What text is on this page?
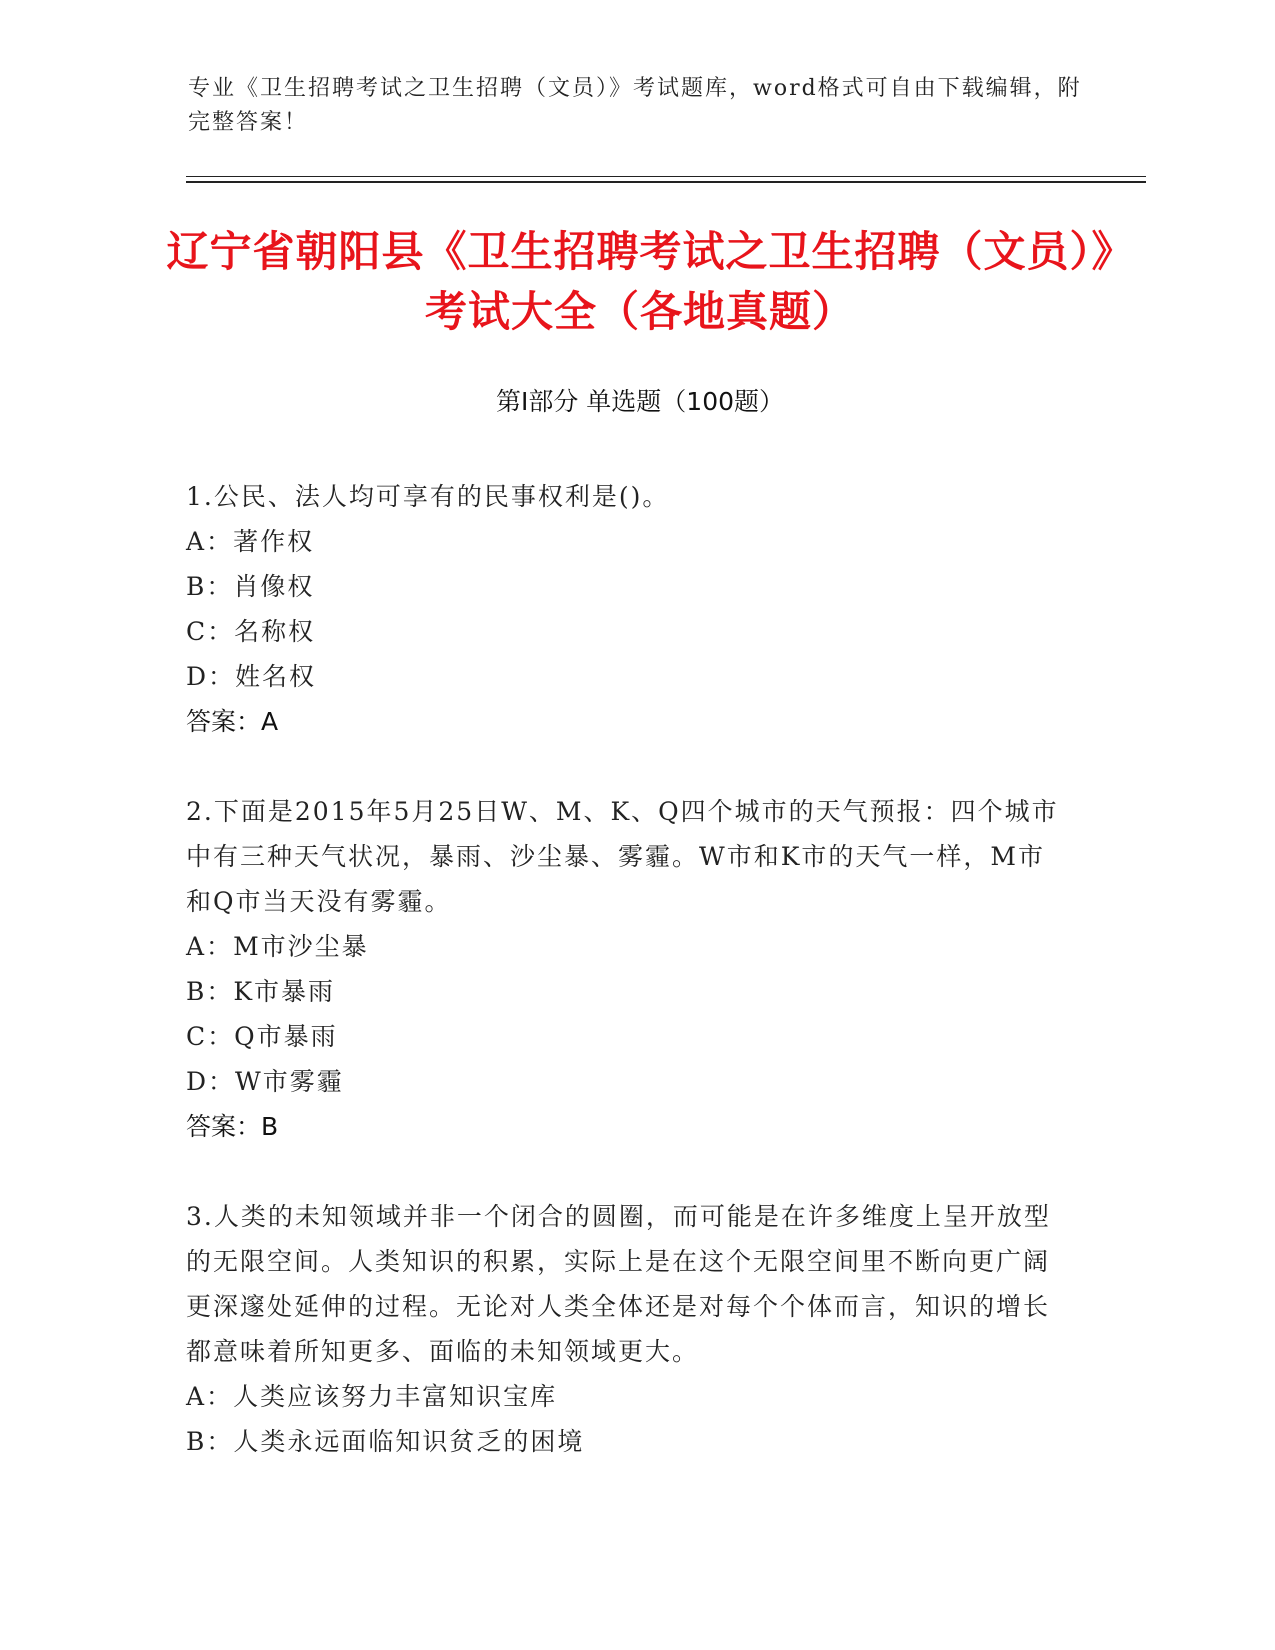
专业《卫生招聘考试之卫生招聘（文员）》考试题库，word格式可自由下载编辑，附完整答案！
辽宁省朝阳县《卫生招聘考试之卫生招聘（文员）》考试大全（各地真题）
第Ⅰ部分 单选题（100题）
1.公民、法人均可享有的民事权利是()。
A：著作权
B：肖像权
C：名称权
D：姓名权
答案：A
2.下面是2015年5月25日W、M、K、Q四个城市的天气预报：四个城市中有三种天气状况，暴雨、沙尘暴、雾霾。W市和K市的天气一样，M市和Q市当天没有雾霾。
A：M市沙尘暴
B：K市暴雨
C：Q市暴雨
D：W市雾霾
答案：B
3.人类的未知领域并非一个闭合的圆圈，而可能是在许多维度上呈开放型的无限空间。人类知识的积累，实际上是在这个无限空间里不断向更广阔更深邃处延伸的过程。无论对人类全体还是对每个个体而言，知识的增长都意味着所知更多、面临的未知领域更大。
A：人类应该努力丰富知识宝库
B：人类永远面临知识贫乏的困境
